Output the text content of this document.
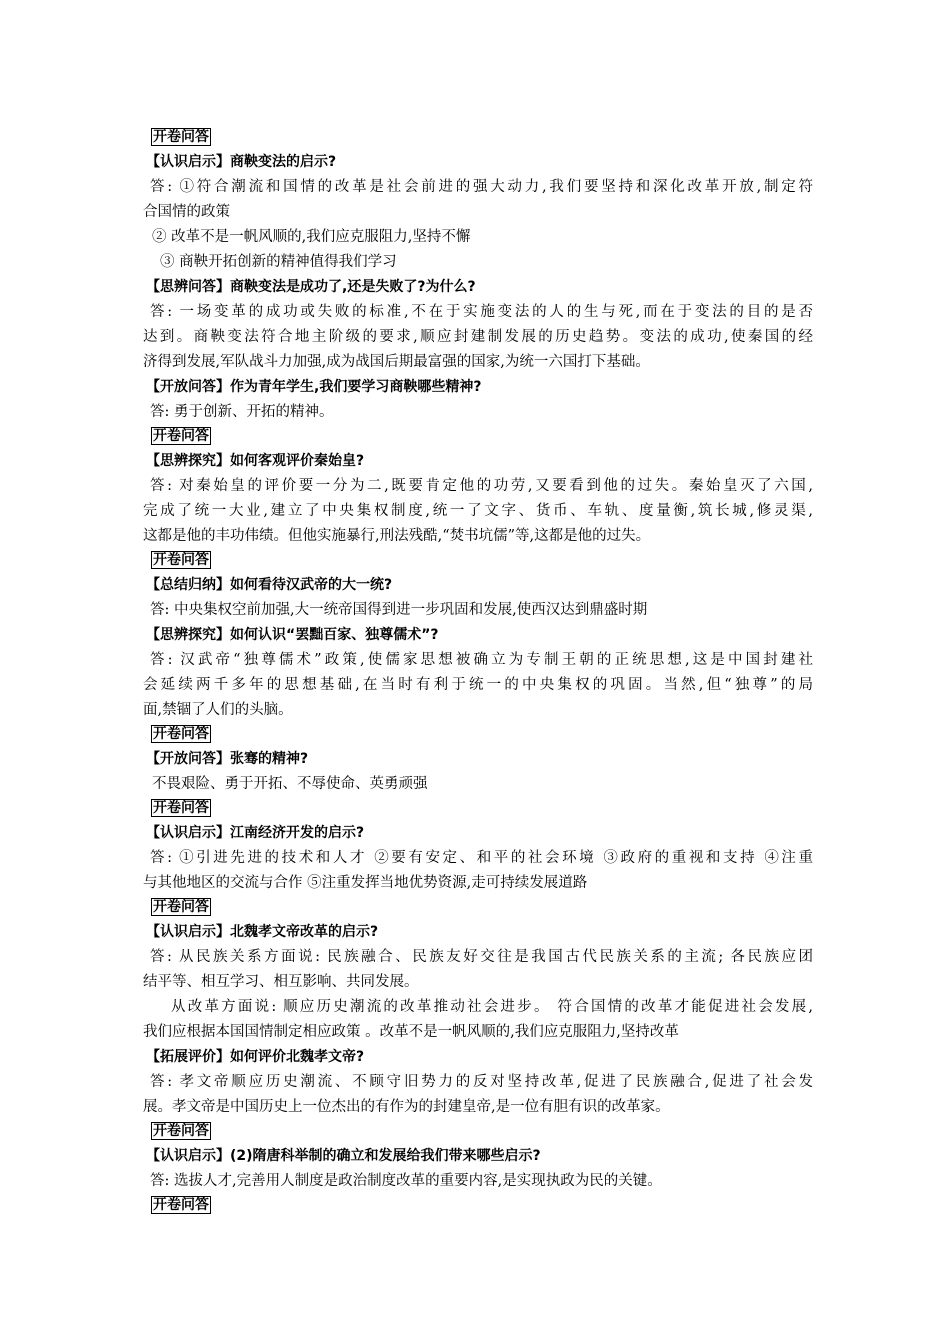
开卷问答
【认识启示】商鞅变法的启示?
答: ①符合潮流和国情的改革是社会前进的强大动力,我们要坚持和深化改革开放,制定符
合国情的政策
② 改革不是一帆风顺的,我们应克服阻力,坚持不懈
③ 商鞅开拓创新的精神值得我们学习
【思辨问答】商鞅变法是成功了,还是失败了?为什么?
答: 一场变革的成功或失败的标准,不在于实施变法的人的生与死,而在于变法的目的是否
达到。商鞅变法符合地主阶级的要求,顺应封建制发展的历史趋势。变法的成功,使秦国的经
济得到发展,军队战斗力加强,成为战国后期最富强的国家,为统一六国打下基础。
【开放问答】作为青年学生,我们要学习商鞅哪些精神?
答: 勇于创新、开拓的精神。
开卷问答
【思辨探究】如何客观评价秦始皇?
答: 对秦始皇的评价要一分为二,既要肯定他的功劳,又要看到他的过失。秦始皇灭了六国,
完成了统一大业,建立了中央集权制度,统一了文字、货币、车轨、度量衡,筑长城,修灵渠,
这都是他的丰功伟绩。但他实施暴行,刑法残酷,“焚书坑儒”等,这都是他的过失。
开卷问答
【总结归纳】如何看待汉武帝的大一统?
答: 中央集权空前加强,大一统帝国得到进一步巩固和发展,使西汉达到鼎盛时期
【思辨探究】如何认识“罢黜百家、独尊儒术”?
答: 汉武帝“独尊儒术”政策,使儒家思想被确立为专制王朝的正统思想,这是中国封建社
会延续两千多年的思想基础,在当时有利于统一的中央集权的巩固。当然,但“独尊”的局
面,禁锢了人们的头脑。
开卷问答
【开放问答】张骞的精神?
不畏艰险、勇于开拓、不辱使命、英勇顽强
开卷问答
【认识启示】江南经济开发的启示?
答: ①引进先进的技术和人才 ②要有安定、和平的社会环境 ③政府的重视和支持 ④注重
与其他地区的交流与合作 ⑤注重发挥当地优势资源,走可持续发展道路
开卷问答
【认识启示】北魏孝文帝改革的启示?
答: 从民族关系方面说: 民族融合、民族友好交往是我国古代民族关系的主流; 各民族应团
结平等、相互学习、相互影响、共同发展。
从改革方面说: 顺应历史潮流的改革推动社会进步。 符合国情的改革才能促进社会发展,
我们应根据本国国情制定相应政策 。改革不是一帆风顺的,我们应克服阻力,坚持改革
【拓展评价】如何评价北魏孝文帝?
答: 孝文帝顺应历史潮流、不顾守旧势力的反对坚持改革,促进了民族融合,促进了社会发
展。孝文帝是中国历史上一位杰出的有作为的封建皇帝,是一位有胆有识的改革家。
开卷问答
【认识启示】(2)隋唐科举制的确立和发展给我们带来哪些启示?
答: 选拔人才,完善用人制度是政治制度改革的重要内容,是实现执政为民的关键。
开卷问答
